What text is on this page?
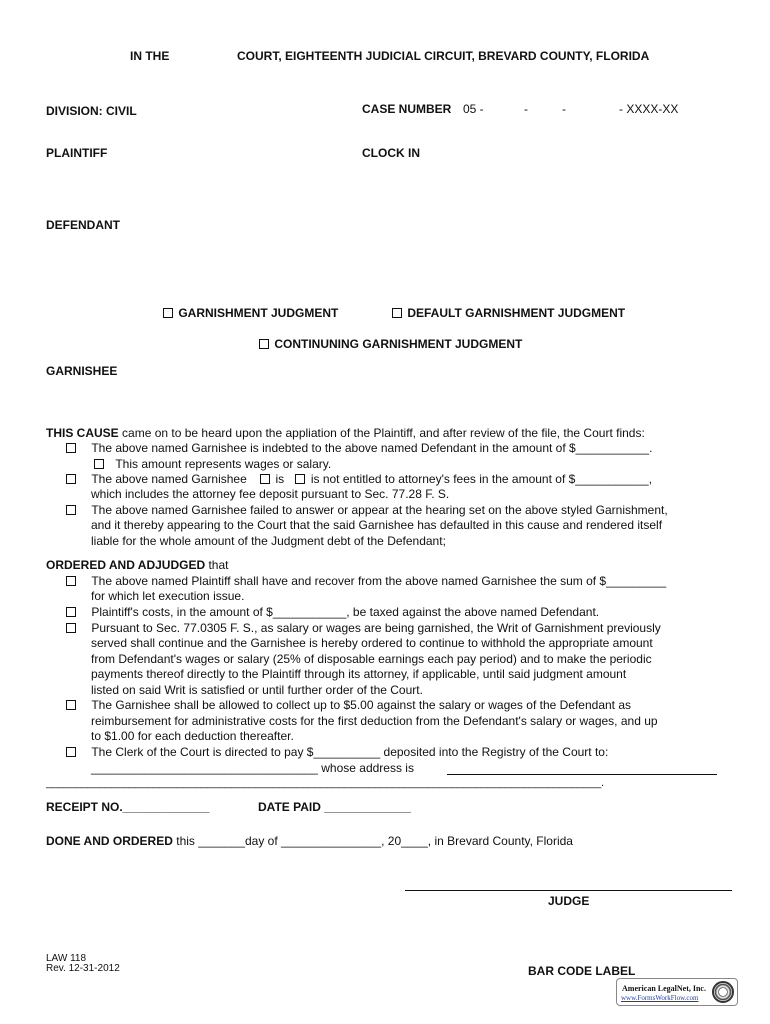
IN THE	COURT, EIGHTEENTH JUDICIAL CIRCUIT, BREVARD COUNTY, FLORIDA
DIVISION: CIVIL	CASE NUMBER 05 -	-	-	- XXXX-XX
PLAINTIFF	CLOCK IN
DEFENDANT
GARNISHMENT JUDGMENT	DEFAULT GARNISHMENT JUDGMENT
CONTINUNING GARNISHMENT JUDGMENT
GARNISHEE
THIS CAUSE came on to be heard upon the appliation of the Plaintiff, and after review of the file, the Court finds:
The above named Garnishee is indebted to the above named Defendant in the amount of $___________.
This amount represents wages or salary.
The above named Garnishee is is not entitled to attorney's fees in the amount of $___________,
which includes the attorney fee deposit pursuant to Sec. 77.28 F. S.
The above named Garnishee failed to answer or appear at the hearing set on the above styled Garnishment,
and it thereby appearing to the Court that the said Garnishee has defaulted in this cause and rendered itself
liable for the whole amount of the Judgment debt of the Defendant;
ORDERED AND ADJUDGED that
The above named Plaintiff shall have and recover from the above named Garnishee the sum of $_________
for which let execution issue.
Plaintiff's costs, in the amount of $___________, be taxed against the above named Defendant.
Pursuant to Sec. 77.0305 F. S., as salary or wages are being garnished, the Writ of Garnishment previously
served shall continue and the Garnishee is hereby ordered to continue to withhold the appropriate amount
from Defendant's wages or salary (25% of disposable earnings each pay period) and to make the periodic
payments thereof directly to the Plaintiff through its attorney, if applicable, until said judgment amount
listed on said Writ is satisfied or until further order of the Court.
The Garnishee shall be allowed to collect up to $5.00 against the salary or wages of the Defendant as
reimbursement for administrative costs for the first deduction from the Defendant's salary or wages, and up
to $1.00 for each deduction thereafter.
The Clerk of the Court is directed to pay $__________ deposited into the Registry of the Court to:
__________________________________ whose address is
_____________________________________________________________________________________________.
RECEIPT NO._____________	DATE PAID _____________
DONE AND ORDERED this _______day of _______________, 20____, in Brevard County, Florida
JUDGE
LAW 118
Rev. 12-31-2012	BAR CODE LABEL
American LegalNet, Inc.
www.FormsWorkFlow.com
